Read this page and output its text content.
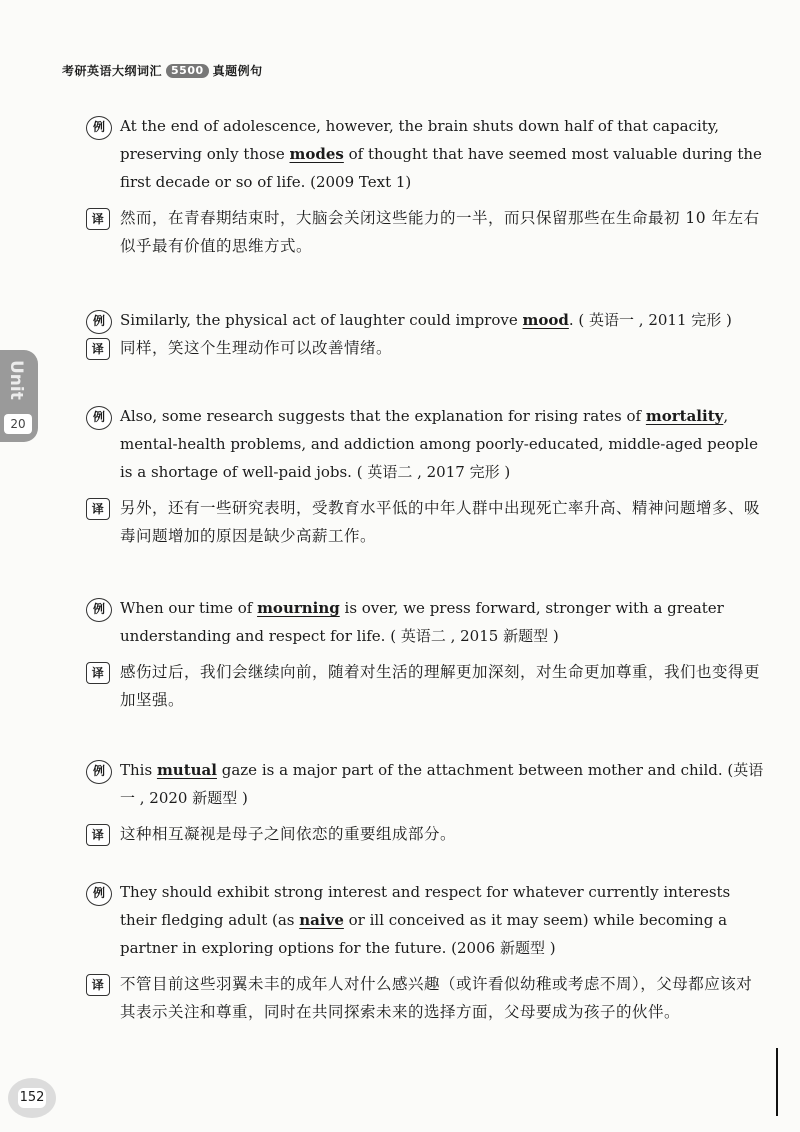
考研英语大纲词汇 5500 真题例句
Unit
20
例	At the end of adolescence, however, the brain shuts down half of that capacity, preserving only those modes of thought that have seemed most valuable during the first decade or so of life. (2009 Text 1)
译	然而，在青春期结束时，大脑会关闭这些能力的一半，而只保留那些在生命最初 10 年左右似乎最有价值的思维方式。
例	Similarly, the physical act of laughter could improve mood. ( 英语一 , 2011 完形 )
译	同样，笑这个生理动作可以改善情绪。
例	Also, some research suggests that the explanation for rising rates of mortality, mental-health problems, and addiction among poorly-educated, middle-aged people is a shortage of well-paid jobs. ( 英语二 , 2017 完形 )
译	另外，还有一些研究表明，受教育水平低的中年人群中出现死亡率升高、精神问题增多、吸毒问题增加的原因是缺少高薪工作。
例	When our time of mourning is over, we press forward, stronger with a greater understanding and respect for life. ( 英语二 , 2015 新题型 )
译	感伤过后，我们会继续向前，随着对生活的理解更加深刻，对生命更加尊重，我们也变得更加坚强。
例	This mutual gaze is a major part of the attachment between mother and child. (英语一 , 2020 新题型 )
译	这种相互凝视是母子之间依恋的重要组成部分。
例	They should exhibit strong interest and respect for whatever currently interests their fledging adult (as naive or ill conceived as it may seem) while becoming a partner in exploring options for the future. (2006 新题型 )
译	不管目前这些羽翼未丰的成年人对什么感兴趣（或许看似幼稚或考虑不周），父母都应该对其表示关注和尊重，同时在共同探索未来的选择方面，父母要成为孩子的伙伴。
152
